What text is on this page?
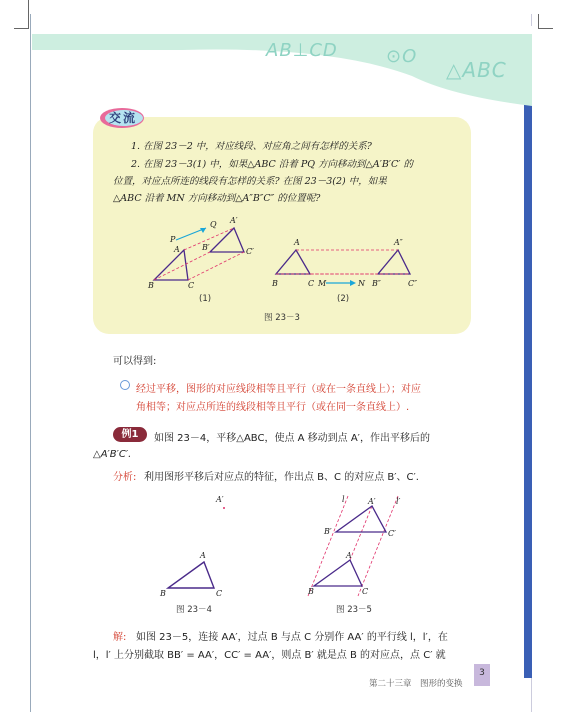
AB⊥CD	⊙O
△ABC
交流
1. 在图 23－2 中，对应线段、对应角之间有怎样的关系?
2. 在图 23－3(1) 中，如果△ABC 沿着 PQ 方向移动到△A′B′C′ 的
位置，对应点所连的线段有怎样的关系? 在图 23－3(2) 中，如果
△ABC 沿着 MN 方向移动到△A″B″C″ 的位置呢?
P
Q
A
A′
B′	C′
B	C
(1)
A	A″
B	C M	N B″	C″
(2)
图 23－3
可以得到:
经过平移，图形的对应线段相等且平行（或在一条直线上）；对应
角相等；对应点所连的线段相等且平行（或在同一条直线上）.
例1	如图 23－4，平移△ABC，使点 A 移动到点 A′，作出平移后的
△A′B′C′.
分析: 利用图形平移后对应点的特征，作出点 B、C 的对应点 B′、C′.
A′
A
B	C
图 23－4
l	l′
A′
B′	C′
A
B	C
图 23－5
解: 如图 23－5，连接 AA′，过点 B 与点 C 分别作 AA′ 的平行线 l，l′，在
l，l′ 上分别截取 BB′ = AA′，CC′ = AA′，则点 B′ 就是点 B 的对应点，点 C′ 就
第二十三章　图形的变换
3
